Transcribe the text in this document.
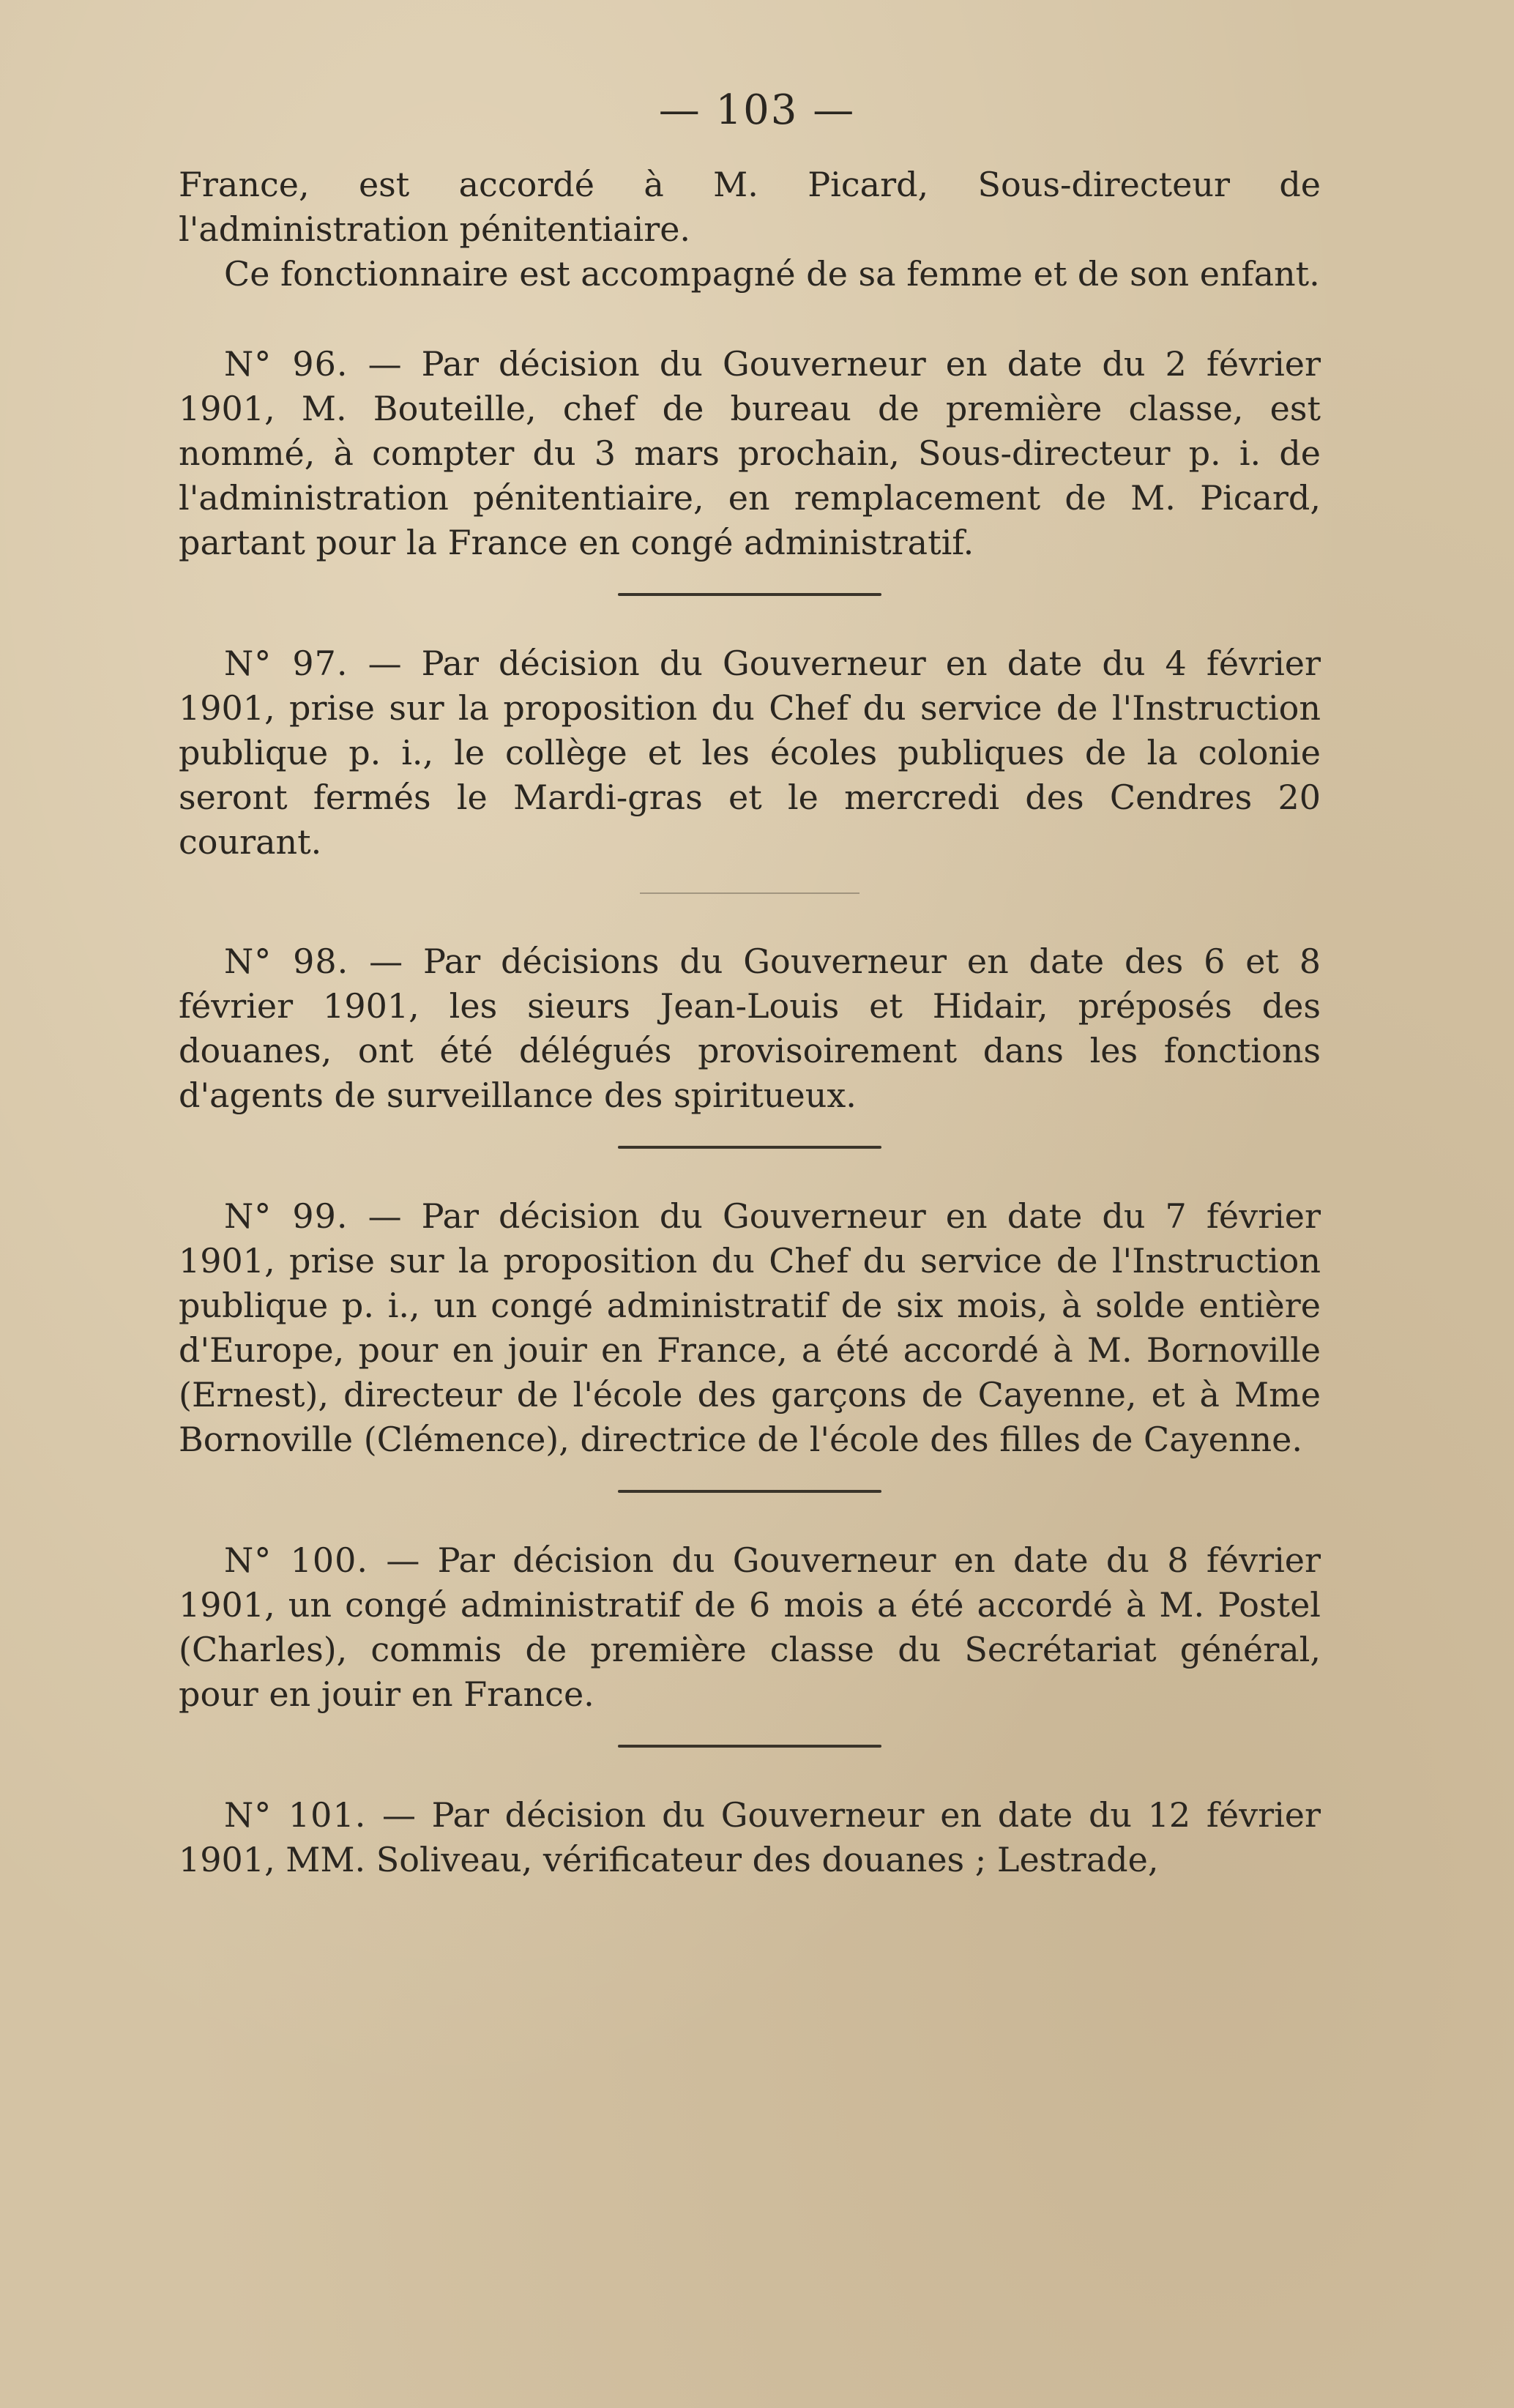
— 103 —

France, est accordé à M. Picard, Sous-directeur de l'administration pénitentiaire.

Ce fonctionnaire est accompagné de sa femme et de son enfant.

N° 96. — Par décision du Gouverneur en date du 2 février 1901, M. Bouteille, chef de bureau de première classe, est nommé, à compter du 3 mars prochain, Sous-directeur p. i. de l'administration pénitentiaire, en remplacement de M. Picard, partant pour la France en congé administratif.

N° 97. — Par décision du Gouverneur en date du 4 février 1901, prise sur la proposition du Chef du service de l'Instruction publique p. i., le collège et les écoles publiques de la colonie seront fermés le Mardi-gras et le mercredi des Cendres 20 courant.

N° 98. — Par décisions du Gouverneur en date des 6 et 8 février 1901, les sieurs Jean-Louis et Hidair, préposés des douanes, ont été délégués provisoirement dans les fonctions d'agents de surveillance des spiritueux.

N° 99. — Par décision du Gouverneur en date du 7 février 1901, prise sur la proposition du Chef du service de l'Instruction publique p. i., un congé administratif de six mois, à solde entière d'Europe, pour en jouir en France, a été accordé à M. Bornoville (Ernest), directeur de l'école des garçons de Cayenne, et à Mme Bornoville (Clémence), directrice de l'école des filles de Cayenne.

N° 100. — Par décision du Gouverneur en date du 8 février 1901, un congé administratif de 6 mois a été accordé à M. Postel (Charles), commis de première classe du Secrétariat général, pour en jouir en France.

N° 101. — Par décision du Gouverneur en date du 12 février 1901, MM. Soliveau, vérificateur des douanes ; Lestrade,
